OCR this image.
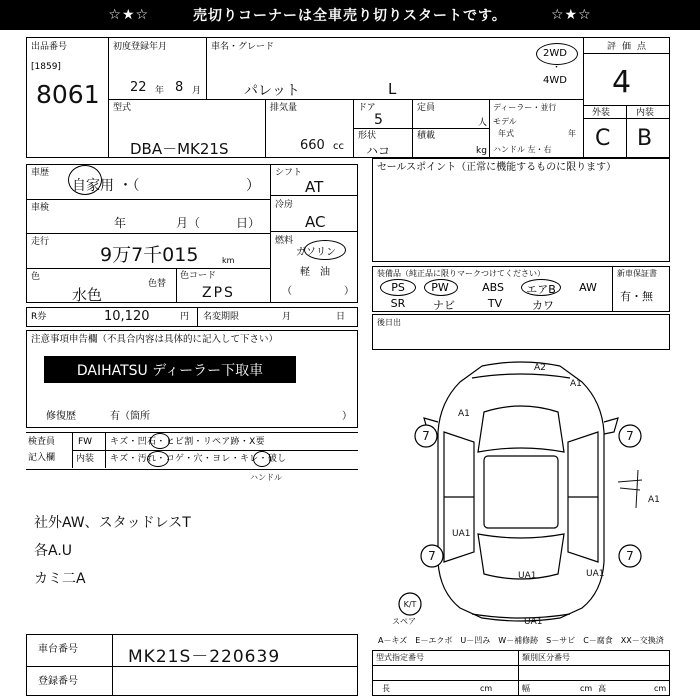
☆★☆	売切りコーナーは全車売り切りスタートです。	☆★☆
出品番号
[1859]
8061
初度登録年月
22 年 8 月
車名・グレード
パレット	L
2WD
・
4WD
評価点
4
外装	内装
C B
型式
DBA－MK21S
排気量
660 cc
ドア
5
形状
ハコ
定員
人
積載
kg
ディーラー・並行
モデル
年式	年
ハンドル 左・右
車歴
自家用 ・（	）
車検
年	月（	日）
走行
9万7千015	km
色
水色
色替
色コード
ZPS
シフト
AT
冷房
AC
燃料
ガソリン
軽　油
（	）
R券	10,120	円 名変期限	月	日
注意事項申告欄（不具合内容は具体的に記入して下さい）
DAIHATSU ディーラー下取車
修復歴	有（箇所	）
検査員
記入欄
FW キズ・凹石・ヒビ割・リペア跡・X要
内装 キズ・汚れ・コゲ・穴・ヨレ・キレ・破し
ハンドル
社外AW、スタッドレスT
各A.U
カミ二A
セールスポイント（正常に機能するものに限ります）
装備品（純正品に限りマークつけてください）	新車保証書
有・無
PS	PW	ABS	エアB	AW
SR	ナビ	TV	カワ
後日出
7	7
7	7
K/T
スペア
A2
A1
A1
A1
UA1
UA1	UA1
UA1
A－キズ　E－エクボ　U－凹み　W－補修跡　S－サビ　C－腐食　XX－交換済
車台番号	MK21S－220639
登録番号
型式指定番号	類別区分番号
長	cm	幅	cm 高	cm
